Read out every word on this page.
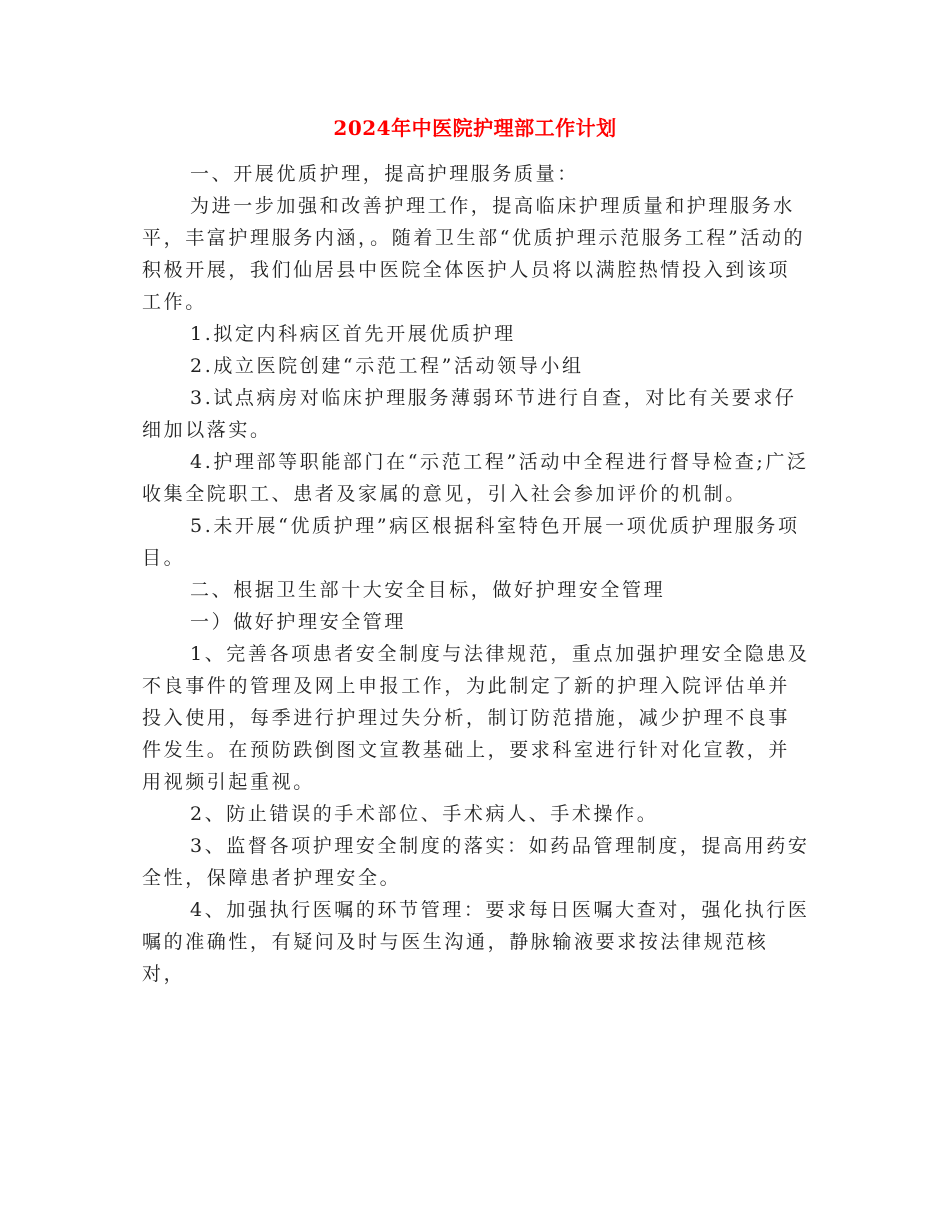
2024年中医院护理部工作计划

一、开展优质护理，提高护理服务质量：

为进一步加强和改善护理工作，提高临床护理质量和护理服务水平，丰富护理服务内涵，。随着卫生部“优质护理示范服务工程”活动的积极开展，我们仙居县中医院全体医护人员将以满腔热情投入到该项工作。

1.拟定内科病区首先开展优质护理

2.成立医院创建“示范工程”活动领导小组

3.试点病房对临床护理服务薄弱环节进行自查，对比有关要求仔细加以落实。

4.护理部等职能部门在“示范工程”活动中全程进行督导检查;广泛收集全院职工、患者及家属的意见，引入社会参加评价的机制。

5.未开展“优质护理”病区根据科室特色开展一项优质护理服务项目。

二、根据卫生部十大安全目标，做好护理安全管理

一）做好护理安全管理

1、完善各项患者安全制度与法律规范，重点加强护理安全隐患及不良事件的管理及网上申报工作，为此制定了新的护理入院评估单并投入使用，每季进行护理过失分析，制订防范措施，减少护理不良事件发生。在预防跌倒图文宣教基础上，要求科室进行针对化宣教，并用视频引起重视。

2、防止错误的手术部位、手术病人、手术操作。

3、监督各项护理安全制度的落实：如药品管理制度，提高用药安全性，保障患者护理安全。

4、加强执行医嘱的环节管理：要求每日医嘱大查对，强化执行医嘱的准确性，有疑问及时与医生沟通，静脉输液要求按法律规范核对，
